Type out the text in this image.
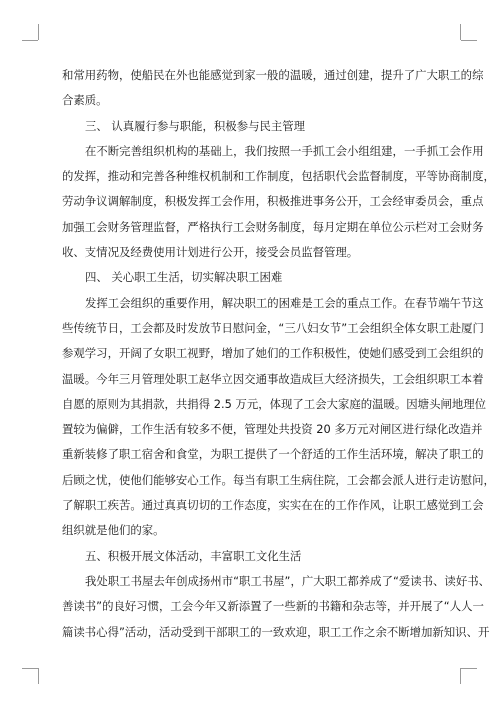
和常用药物，使船民在外也能感觉到家一般的温暖，通过创建，提升了广大职工的综
合素质。
三、 认真履行参与职能，积极参与民主管理
在不断完善组织机构的基础上，我们按照一手抓工会小组组建，一手抓工会作用
的发挥，推动和完善各种维权机制和工作制度，包括职代会监督制度，平等协商制度，
劳动争议调解制度，积极发挥工会作用，积极推进事务公开，工会经审委员会，重点
加强工会财务管理监督，严格执行工会财务制度，每月定期在单位公示栏对工会财务
收、支情况及经费使用计划进行公开，接受会员监督管理。
四、 关心职工生活，切实解决职工困难
发挥工会组织的重要作用，解决职工的困难是工会的重点工作。在春节端午节这
些传统节日，工会都及时发放节日慰问金，“三八妇女节”工会组织全体女职工赴厦门
参观学习，开阔了女职工视野，增加了她们的工作积极性，使她们感受到工会组织的
温暖。今年三月管理处职工赵华立因交通事故造成巨大经济损失，工会组织职工本着
自愿的原则为其捐款，共捐得 2.5 万元，体现了工会大家庭的温暖。因塘头闸地理位
置较为偏僻，工作生活有较多不便，管理处共投资 20 多万元对闸区进行绿化改造并
重新装修了职工宿舍和食堂，为职工提供了一个舒适的工作生活环境，解决了职工的
后顾之忧，使他们能够安心工作。每当有职工生病住院，工会都会派人进行走访慰问，
了解职工疾苦。通过真真切切的工作态度，实实在在的工作作风，让职工感觉到工会
组织就是他们的家。
五、积极开展文体活动，丰富职工文化生活
我处职工书屋去年创成扬州市“职工书屋”，广大职工都养成了“爱读书、读好书、
善读书”的良好习惯，工会今年又新添置了一些新的书籍和杂志等，并开展了“人人一
篇读书心得”活动，活动受到干部职工的一致欢迎，职工工作之余不断增加新知识、开
